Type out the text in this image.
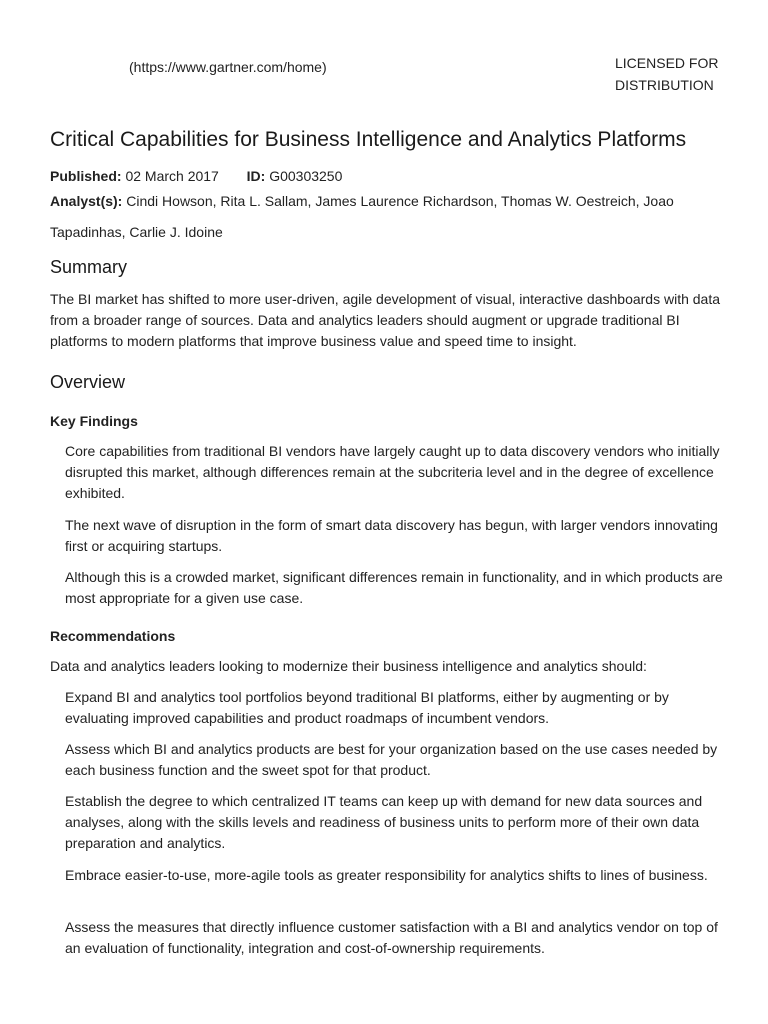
(https://www.gartner.com/home)	LICENSED FOR DISTRIBUTION
Critical Capabilities for Business Intelligence and Analytics Platforms
Published: 02 March 2017 ID: G00303250
Analyst(s): Cindi Howson, Rita L. Sallam, James Laurence Richardson, Thomas W. Oestreich, Joao Tapadinhas, Carlie J. Idoine
Summary

The BI market has shifted to more user-driven, agile development of visual, interactive dashboards with data from a broader range of sources. Data and analytics leaders should augment or upgrade traditional BI platforms to modern platforms that improve business value and speed time to insight.

Overview
Key Findings

Core capabilities from traditional BI vendors have largely caught up to data discovery vendors who initially disrupted this market, although differences remain at the subcriteria level and in the degree of excellence exhibited.

The next wave of disruption in the form of smart data discovery has begun, with larger vendors innovating first or acquiring startups.

Although this is a crowded market, significant differences remain in functionality, and in which products are most appropriate for a given use case.

Recommendations

Data and analytics leaders looking to modernize their business intelligence and analytics should:

Expand BI and analytics tool portfolios beyond traditional BI platforms, either by augmenting or by evaluating improved capabilities and product roadmaps of incumbent vendors.

Assess which BI and analytics products are best for your organization based on the use cases needed by each business function and the sweet spot for that product.

Establish the degree to which centralized IT teams can keep up with demand for new data sources and analyses, along with the skills levels and readiness of business units to perform more of their own data preparation and analytics.

Embrace easier-to-use, more-agile tools as greater responsibility for analytics shifts to lines of business.

Assess the measures that directly influence customer satisfaction with a BI and analytics vendor on top of an evaluation of functionality, integration and cost-of-ownership requirements.
